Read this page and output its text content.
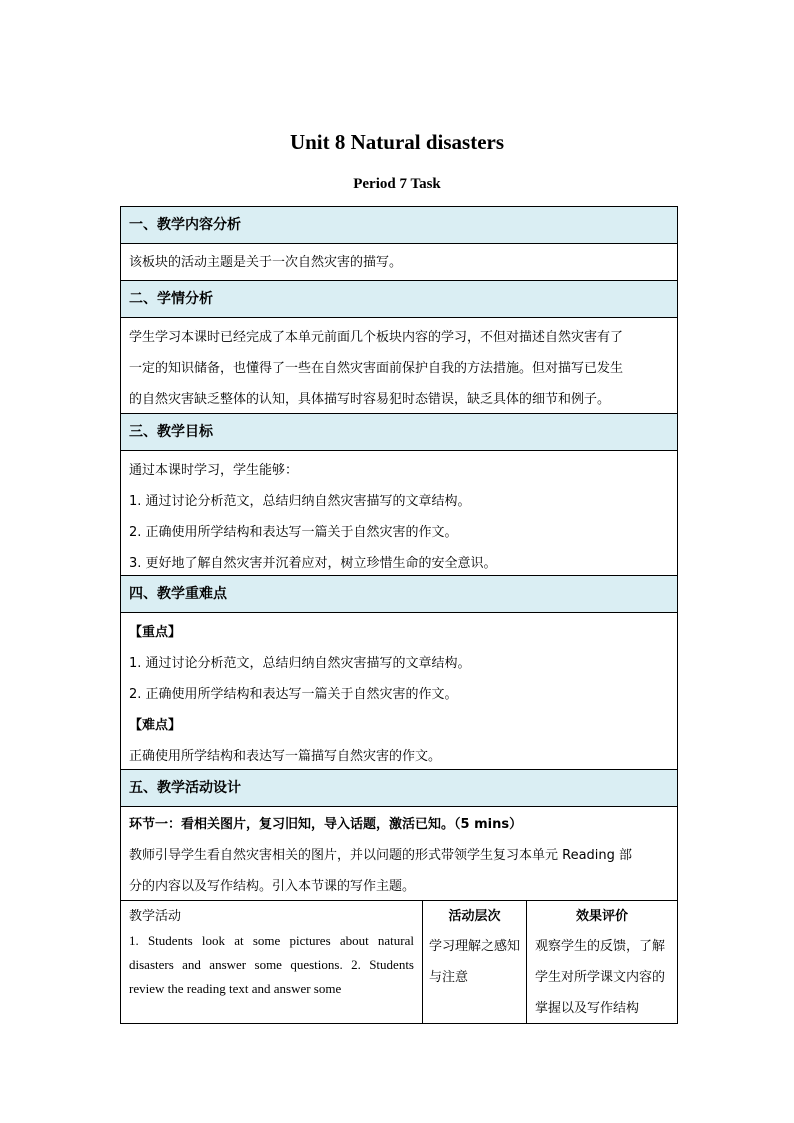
Unit 8 Natural disasters
Period 7 Task
一、教学内容分析
该板块的活动主题是关于一次自然灾害的描写。
二、学情分析
学生学习本课时已经完成了本单元前面几个板块内容的学习，不但对描述自然灾害有了
一定的知识储备，也懂得了一些在自然灾害面前保护自我的方法措施。但对描写已发生
的自然灾害缺乏整体的认知，具体描写时容易犯时态错误，缺乏具体的细节和例子。
三、教学目标
通过本课时学习，学生能够：
1. 通过讨论分析范文，总结归纳自然灾害描写的文章结构。
2. 正确使用所学结构和表达写一篇关于自然灾害的作文。
3. 更好地了解自然灾害并沉着应对，树立珍惜生命的安全意识。
四、教学重难点
【重点】
1. 通过讨论分析范文，总结归纳自然灾害描写的文章结构。
2. 正确使用所学结构和表达写一篇关于自然灾害的作文。
【难点】
正确使用所学结构和表达写一篇描写自然灾害的作文。
五、教学活动设计
环节一：看相关图片，复习旧知，导入话题，激活已知。（5 mins）
教师引导学生看自然灾害相关的图片，并以问题的形式带领学生复习本单元 Reading 部
分的内容以及写作结构。引入本节课的写作主题。
教学活动
1. Students look at some pictures about natural disasters and answer some questions. 2. Students review the reading text and answer some
活动层次
学习理解之感知与注意
效果评价
观察学生的反馈，了解学生对所学课文内容的掌握以及写作结构
